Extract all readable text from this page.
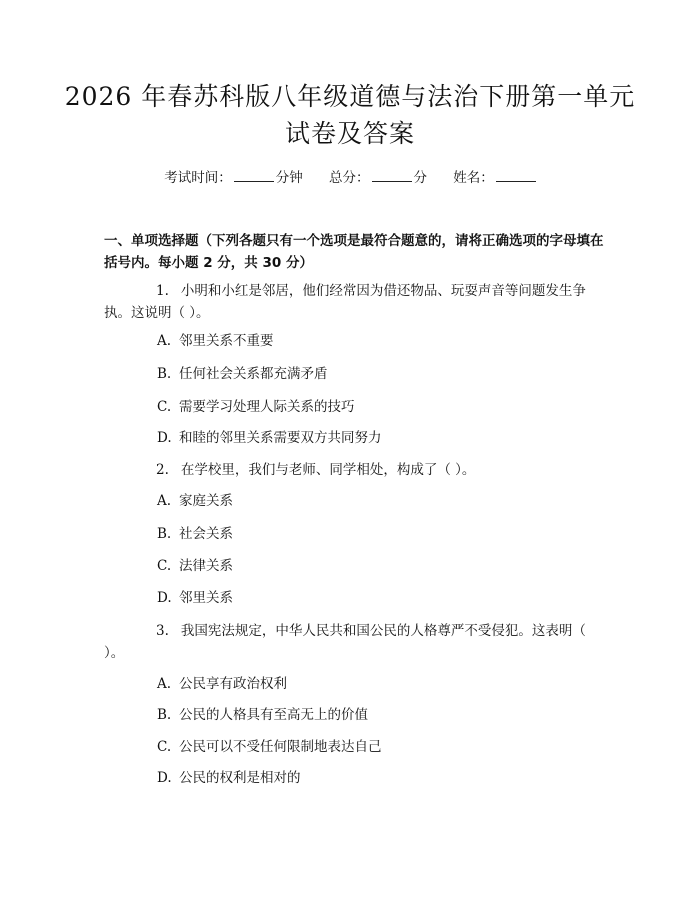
2026 年春苏科版八年级道德与法治下册第一单元试卷及答案
考试时间：	分钟 总分：	分 姓名：
一、单项选择题（下列各题只有一个选项是最符合题意的，请将正确选项的字母填在括号内。每小题 2 分，共 30 分）
1. 小明和小红是邻居，他们经常因为借还物品、玩耍声音等问题发生争执。这说明（ ）。
A. 邻里关系不重要
B. 任何社会关系都充满矛盾
C. 需要学习处理人际关系的技巧
D. 和睦的邻里关系需要双方共同努力
2. 在学校里，我们与老师、同学相处，构成了（ ）。
A. 家庭关系
B. 社会关系
C. 法律关系
D. 邻里关系
3. 我国宪法规定，中华人民共和国公民的人格尊严不受侵犯。这表明（ ）。
A. 公民享有政治权利
B. 公民的人格具有至高无上的价值
C. 公民可以不受任何限制地表达自己
D. 公民的权利是相对的
